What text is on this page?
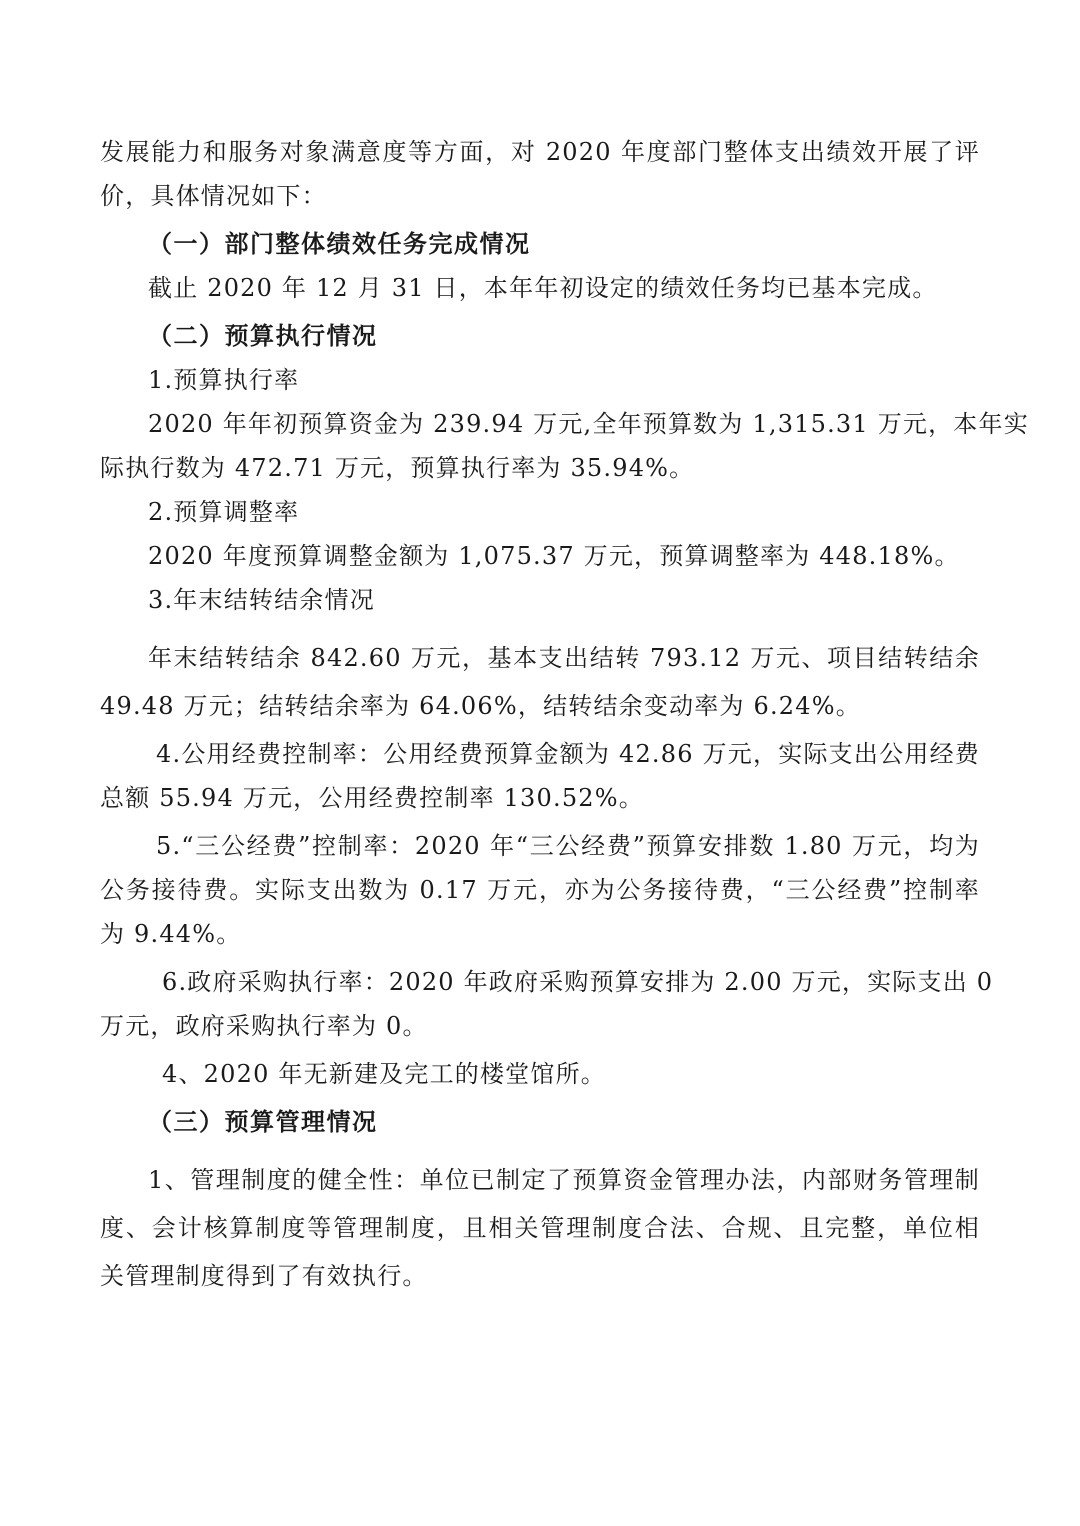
发展能力和服务对象满意度等方面，对 2020 年度部门整体支出绩效开展了评
价，具体情况如下：
（一）部门整体绩效任务完成情况
截止 2020 年 12 月 31 日，本年年初设定的绩效任务均已基本完成。
（二）预算执行情况
1.预算执行率
2020 年年初预算资金为 239.94 万元,全年预算数为 1,315.31 万元，本年实
际执行数为 472.71 万元，预算执行率为 35.94%。
2.预算调整率
2020 年度预算调整金额为 1,075.37 万元，预算调整率为 448.18%。
3.年末结转结余情况
年末结转结余 842.60 万元，基本支出结转 793.12 万元、项目结转结余
49.48 万元；结转结余率为 64.06%，结转结余变动率为 6.24%。
4.公用经费控制率：公用经费预算金额为 42.86 万元，实际支出公用经费
总额 55.94 万元，公用经费控制率 130.52%。
5.“三公经费”控制率：2020 年“三公经费”预算安排数 1.80 万元，均为
公务接待费。实际支出数为 0.17 万元，亦为公务接待费，“三公经费”控制率
为 9.44%。
6.政府采购执行率：2020 年政府采购预算安排为 2.00 万元，实际支出 0
万元，政府采购执行率为 0。
4、2020 年无新建及完工的楼堂馆所。
（三）预算管理情况
1、管理制度的健全性：单位已制定了预算资金管理办法，内部财务管理制
度、会计核算制度等管理制度，且相关管理制度合法、合规、且完整，单位相
关管理制度得到了有效执行。
